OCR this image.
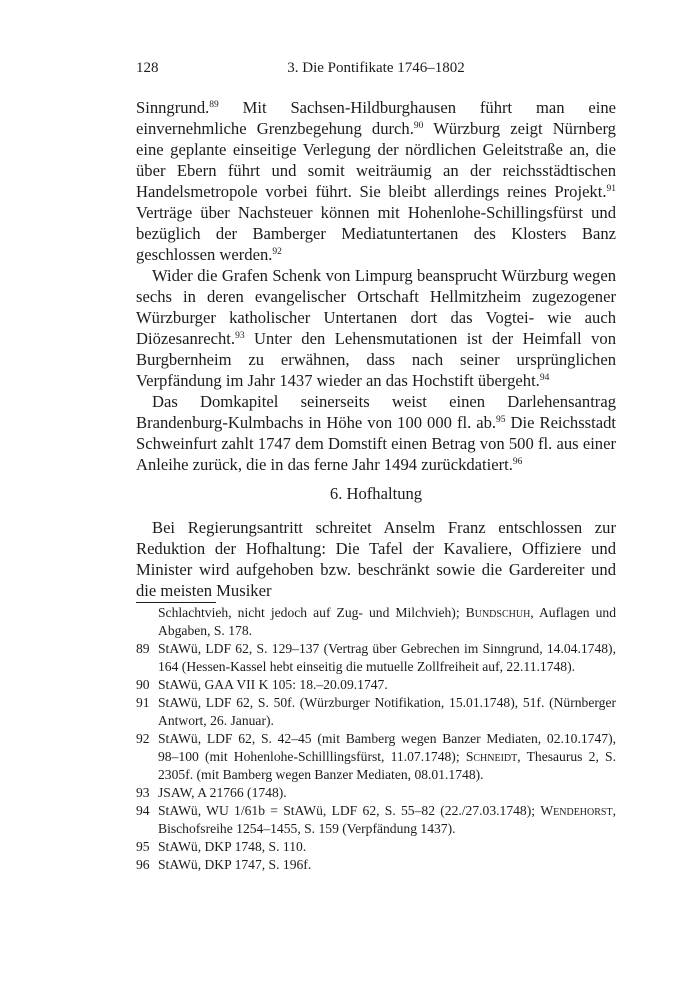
128	3. Die Pontifikate 1746–1802

Sinngrund.$^{89}$ Mit Sachsen-Hildburghausen führt man eine einvernehmliche Grenzbegehung durch.$^{90}$ Würzburg zeigt Nürnberg eine geplante einseitige Verlegung der nördlichen Geleitstraße an, die über Ebern führt und somit weiträumig an der reichsstädtischen Handelsmetropole vorbei führt. Sie bleibt allerdings reines Projekt.$^{91}$ Verträge über Nachsteuer können mit Hohenlohe-Schillingsfürst und bezüglich der Bamberger Mediatuntertanen des Klosters Banz geschlossen werden.$^{92}$

Wider die Grafen Schenk von Limpurg beansprucht Würzburg wegen sechs in deren evangelischer Ortschaft Hellmitzheim zugezogener Würzburger katholischer Untertanen dort das Vogtei- wie auch Diözesanrecht.$^{93}$ Unter den Lehensmutationen ist der Heimfall von Burgbernheim zu erwähnen, dass nach seiner ursprünglichen Verpfändung im Jahr 1437 wieder an das Hochstift übergeht.$^{94}$

Das Domkapitel seinerseits weist einen Darlehensantrag Brandenburg-Kulmbachs in Höhe von 100 000 fl. ab.$^{95}$ Die Reichsstadt Schweinfurt zahlt 1747 dem Domstift einen Betrag von 500 fl. aus einer Anleihe zurück, die in das ferne Jahr 1494 zurückdatiert.$^{96}$

6. Hofhaltung

Bei Regierungsantritt schreitet Anselm Franz entschlossen zur Reduktion der Hofhaltung: Die Tafel der Kavaliere, Offiziere und Minister wird aufgehoben bzw. beschränkt sowie die Gardereiter und die meisten Musiker

Schlachtvieh, nicht jedoch auf Zug- und Milchvieh); Bundschuh, Auflagen und Abgaben, S. 178.
89 StAWü, LDF 62, S. 129–137 (Vertrag über Gebrechen im Sinngrund, 14.04.1748), 164 (Hessen-Kassel hebt einseitig die mutuelle Zollfreiheit auf, 22.11.1748).
90 StAWü, GAA VII K 105: 18.–20.09.1747.
91 StAWü, LDF 62, S. 50f. (Würzburger Notifikation, 15.01.1748), 51f. (Nürnberger Antwort, 26. Januar).
92 StAWü, LDF 62, S. 42–45 (mit Bamberg wegen Banzer Mediaten, 02.10.1747), 98–100 (mit Hohenlohe-Schilllingsfürst, 11.07.1748); Schneidt, Thesaurus 2, S. 2305f. (mit Bamberg wegen Banzer Mediaten, 08.01.1748).
93 JSAW, A 21766 (1748).
94 StAWü, WU 1/61b = StAWü, LDF 62, S. 55–82 (22./27.03.1748); Wendehorst, Bischofsreihe 1254–1455, S. 159 (Verpfändung 1437).
95 StAWü, DKP 1748, S. 110.
96 StAWü, DKP 1747, S. 196f.
